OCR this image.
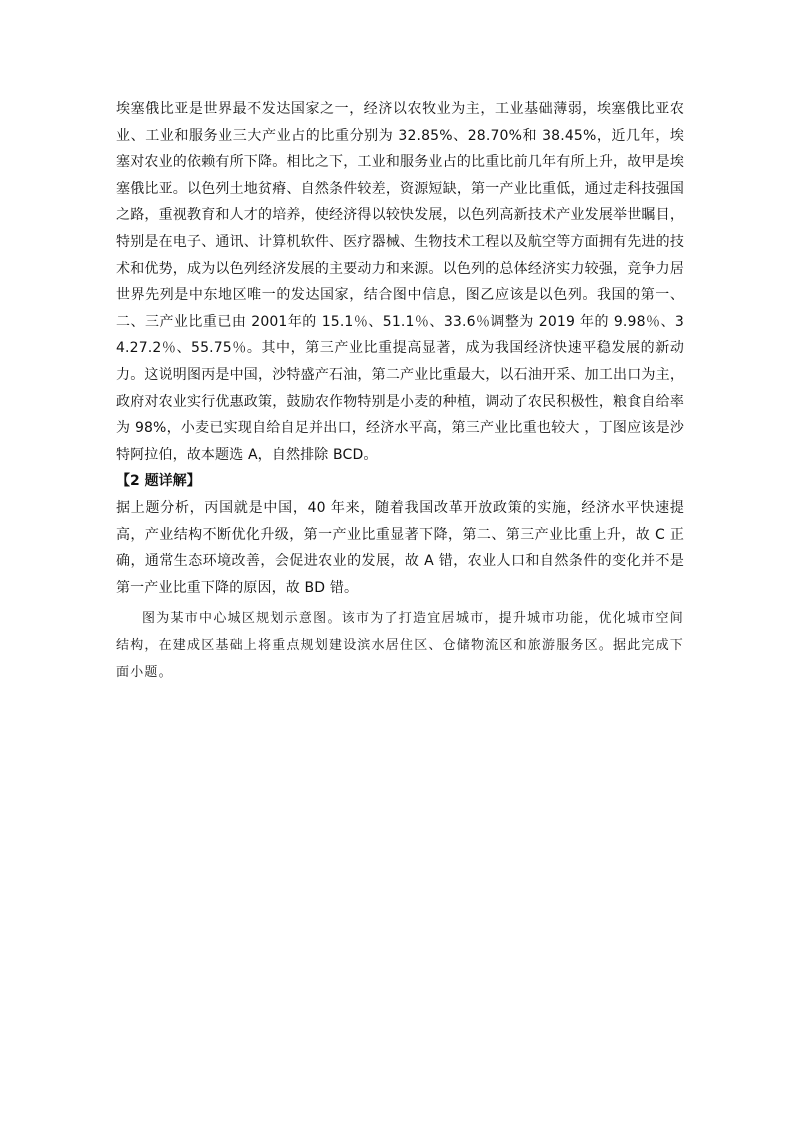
埃塞俄比亚是世界最不发达国家之一，经济以农牧业为主，工业基础薄弱，埃塞俄比亚农业、工业和服务业三大产业占的比重分别为 32.85%、28.70%和 38.45%，近几年，埃塞对农业的依赖有所下降。相比之下，工业和服务业占的比重比前几年有所上升，故甲是埃塞俄比亚。以色列土地贫瘠、自然条件较差，资源短缺，第一产业比重低，通过走科技强国之路，重视教育和人才的培养，使经济得以较快发展，以色列高新技术产业发展举世瞩目，特别是在电子、通讯、计算机软件、医疗器械、生物技术工程以及航空等方面拥有先进的技术和优势，成为以色列经济发展的主要动力和来源。以色列的总体经济实力较强，竞争力居世界先列是中东地区唯一的发达国家，结合图中信息，图乙应该是以色列。我国的第一、二、三产业比重已由 2001年的 15.1％、51.1％、33.6％调整为 2019 年的 9.98％、34.27.2％、55.75％。其中，第三产业比重提高显著，成为我国经济快速平稳发展的新动力。这说明图丙是中国，沙特盛产石油，第二产业比重最大，以石油开采、加工出口为主，政府对农业实行优惠政策，鼓励农作物特别是小麦的种植，调动了农民积极性，粮食自给率为 98%，小麦已实现自给自足并出口，经济水平高，第三产业比重也较大 ，丁图应该是沙特阿拉伯，故本题选 A，自然排除 BCD。

【2 题详解】

据上题分析，丙国就是中国，40 年来，随着我国改革开放政策的实施，经济水平快速提高，产业结构不断优化升级，第一产业比重显著下降，第二、第三产业比重上升，故 C 正确，通常生态环境改善，会促进农业的发展，故 A 错，农业人口和自然条件的变化并不是第一产业比重下降的原因，故 BD 错。

图为某市中心城区规划示意图。该市为了打造宜居城市，提升城市功能，优化城市空间结构，在建成区基础上将重点规划建设滨水居住区、仓储物流区和旅游服务区。据此完成下面小题。
